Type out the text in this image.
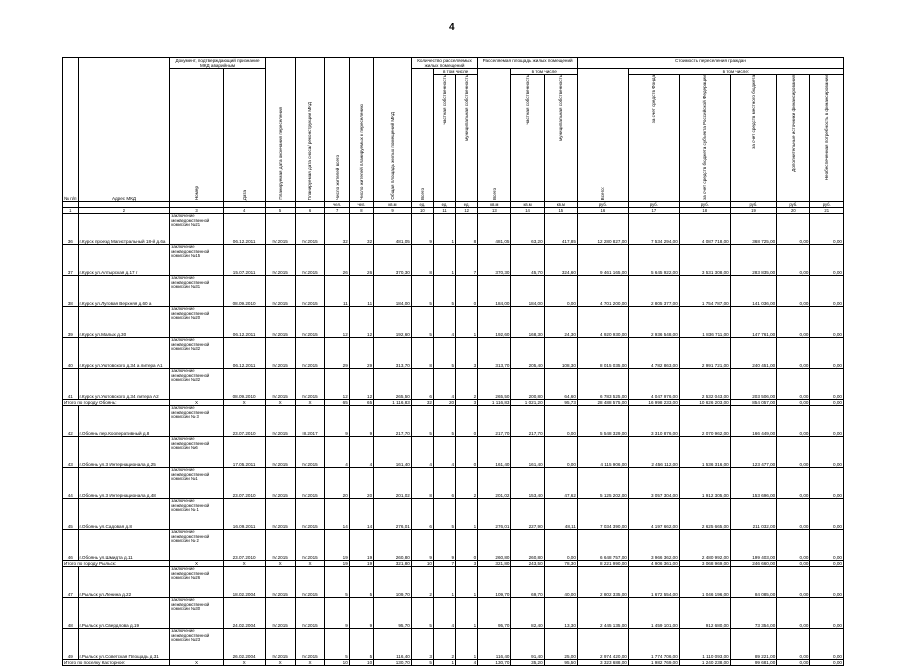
4
№ п/п	Адрес МКД	Документ, подтверждающий признание МКД аварийным		Планируемая дата окончания переселения	Планируемая дата сноса/ реконструкции МКД	Число жителей всего	Число жителей планируемых к переселению	Общая площадь жилых помещений МКД	Количество расселяемых жилых помещений			Расселяемая площадь жилых помещений			Стоимость переселения граждан					
		Номер	Дата						Всего	в том числе		Всего	в том числе		Всего:	в том числе:				
										частная собственность	муниципальная собственность		частная собственность	муниципальная собственность		за счет средств Фонда	за счет средств бюджета субъекта Российской Федерации	за счет средств местного бюджета	Дополнительные источники финансирования	Необеспеченная потребность в финансировании
						чел.	чел.	кв.м	ед.	ед.	ед.	кв.м	кв.м	кв.м	руб.	руб.	руб.	руб.	руб.	руб.
1	2	3	4	5	6	7	8	9	10	11	12	13	14	15	16	17	18	19	20	21
36	г.Курск проезд Магистральный 18-й д.6а	заключение межведомственной комиссии №21	06.12.2011	IV.2015	IV.2015	32	32	481,05	9	1	8	481,05	63,20	417,85	12 280 827,00	7 534 294,00	4 087 718,00	368 725,00	0,00	0,00
37	г.Курск ул.Алтырская д.17 г	заключение межведомственной комиссии №15	15.07.2011	IV.2015	IV.2015	26	26	370,30	8	1	7	370,30	45,70	324,60	9 461 165,00	5 645 922,00	3 531 308,00	283 835,00	0,00	0,00
38	г.Курск ул.Луговая Верхняя д.60 а	заключение межведомственной комиссии №31	08.09.2010	IV.2015	IV.2015	11	11	184,00	5	5	0	184,00	184,00	0,00	4 701 200,00	2 805 377,00	1 754 787,00	141 036,00	0,00	0,00
39	г.Курск ул.Малых д.30	заключение межведомственной комиссии №20	06.12.2011	IV.2015	IV.2015	12	12	192,60	5	4	1	192,60	168,30	24,30	4 920 930,00	2 936 548,00	1 836 711,00	147 761,00	0,00	0,00
40	г.Курск ул.Уютовского д.34 а литера А1	заключение межведомственной комиссии №32	06.12.2011	IV.2015	IV.2015	29	29	313,70	8	5	3	313,70	205,40	108,30	8 015 035,00	4 782 863,00	2 991 721,00	240 451,00	0,00	0,00
41	г.Курск ул.Уютовского д.34 литера А2	заключение межведомственной комиссии №32	08.09.2010	IV.2015	IV.2015	12	12	265,50	6	4	2	265,50	200,80	64,60	6 783 525,00	4 047 976,00	2 532 043,00	203 506,00	0,00	0,00
Итого по городу Обоянь:		X	X	X	X	65	65	1 116,83	32	20	3	1 116,83	1 021,20	95,73	28 488 575,00	16 998 233,00	10 626 203,00	854 057,00	0,00	0,00
42	г.Обоянь пер.Кооперативный д.8	заключение межведомственной комиссии № 3	23.07.2010	IV.2015	III.2017	9	9	217,70	5	5	0	217,70	217,70	0,00	5 548 329,00	3 310 876,00	2 070 962,00	166 449,00	0,00	0,00
43	г.Обоянь ул.3 Интернационала д.25	заключение межведомственной комиссии №6	17.05.2011	IV.2015	IV.2015	4	4	161,40	4	4	0	161,40	161,40	0,00	4 115 906,00	2 456 112,00	1 536 316,00	123 477,00	0,00	0,00
44	г.Обоянь ул.3 Интернационала д.48	заключение межведомственной комиссии №1	23.07.2010	IV.2015	IV.2015	20	20	201,02	8	6	2	201,02	153,40	47,62	5 125 202,00	3 057 304,00	1 912 305,00	153 696,00	0,00	0,00
45	г.Обоянь ул.Садовая д.8	заключение межведомственной комиссии № 1	16.09.2011	IV.2015	IV.2015	14	14	276,01	6	5	1	276,01	227,90	48,11	7 034 390,00	4 197 662,00	2 625 665,00	211 032,00	0,00	0,00
46	г.Обоянь ул.Шмидта д.11	заключение межведомственной комиссии № 2	23.07.2010	IV.2015	IV.2015	19	19	260,80	9	9	0	260,80	260,80	0,00	6 648 757,00	3 966 362,00	2 480 992,00	199 403,00	0,00	0,00
Итого по городу Рыльск:		X	X	X	X	19	19	321,80	10	7	3	321,80	243,50	78,30	8 221 990,00	4 906 361,00	3 068 969,00	246 660,00	0,00	0,00
47	г.Рыльск ул.Ленина д.22	заключение межведомственной комиссии №26	18.02.2004	IV.2015	IV.2015	5	5	109,70	2	1	1	109,70	69,70	40,00	2 802 335,00	1 672 554,00	1 046 196,00	84 085,00	0,00	0,00
48	г.Рыльск ул.Свердлова д.19	заключение межведомственной комиссии №30	24.02.2004	IV.2015	IV.2015	9	9	95,70	5	4	1	95,70	82,40	13,30	2 445 135,00	1 459 101,00	912 680,00	73 354,00	0,00	0,00
49	г.Рыльск ул.Советская Площадь д.31	заключение межведомственной комиссии №23	26.02.2004	IV.2015	IV.2015	5	5	116,40	3	2	1	116,40	91,40	25,00	2 974 420,00	1 774 706,00	1 110 093,00	89 221,00	0,00	0,00
Итого по поселку Касторное:		X	X	X	X	10	10	130,70	5	1	4	130,70	35,20	95,50	3 323 688,00	1 982 769,00	1 240 238,00	99 681,00	0,00	0,00
